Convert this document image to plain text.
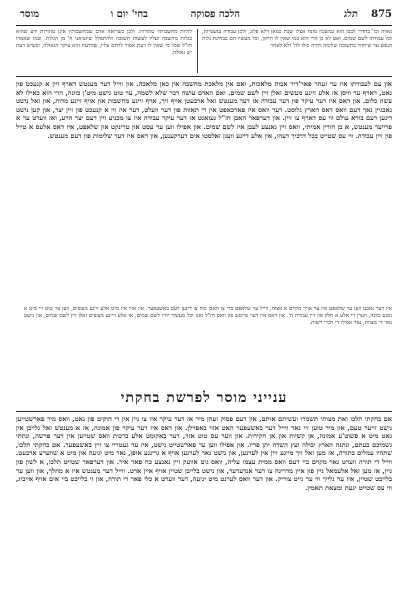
875
תלג
הלכה פסוקה
בחי' יום ו
מוסר
להיות מחשבותיו טהורות. ולכן כשרואה אדם שמחשבותיו אינן טהורות ידע שהוא בגלות מחשבה ועליו לעשות תשובה ולהתפלל שיוציאנו ה' מן הגלות. וכמו שאמרו חז"ל שכל מי שאין לו דעת אסור לרחם עליו, שהדעת הוא עיקר הגאולה, וכשיש דעת יש גאולה.
גאווה וכו' בחדרי לבבו הוא כמשכון מונח אצלו שבת כמאן דלא פלוג, ולכן עבודה בגשמיות, וכל עבודתו לשם שמים. ואם לא כן הרי הוא כמי שאין לו תיקון, וכל מעשיו הם בבחינת גלות הנפש עד שיחזור בתשובה שלימה ויהיה כולו לה' ולא לאחר
און עם לעבודתו איז ער זעהר פאר'דיר אבות מלאכות, ואם אין מלאכת מחשבה אין כאן מלאכה. און ווייל דער מענטש דארף זיין א קנעכט פון גאט, דארף ער וויסן אז אלע זיינע מעשים זאלן זיין לשם שמים. ואם האדם עושה דבר שלא לשמה, ער טוט נישט מיט'ן כוונה, הרי הוא כאילו לא עשה כלום. און דאס איז דער עיקר פון דער עבודה אז דער מענטש זאל ארבעטן אויף זיך, אויף זיינע מחשבות און אויף זיינע מדות, און זאל נישט נאכגיין נאך דעם וואס דאס הארץ גלוסט. דער וואס איז פארכאפט אין די תאוות פון דער וועלט, דער איז ווי א קנעכט פון זיין יצר, און קען נישט דינען דעם בורא עולם ווי עס דארף צו זיין. און דערפאר האבן חז"ל געזאגט אז דער עיקר עבודה איז צו מכניע זיין דעם יצר הרע, ואז ווערט ער א פרייער מענטש, א בן חורין אמיתי, וואס זיין גאנצע לעבן איז לשם שמים. און אפילו ווען ער עסט און טרינקט און שלאפט, איז דאס אלעס א טייל פון זיין עבודה. ווי עס שטייט בכל דרכיך דעהו, אין אלע דיינע וועגן זאלסטו אים דערקענען, און דאס איז דער שלימות פון דעם מענטש.
אין דער נאכט ווען ער שלאפט איז ער אויך מקיים א מצוה, ווייל ער שלאפט כדי צו האבן כוח צו דינען דעם באשעפער. און אזוי איז מיט אלע זיינע מעשים, ווען ער טוט זיי מיט א גוטע כוונה, ווערן זיי אלע א חלק פון זיין עבודת ה'. און דאס איז דער טייטש פון וואס חז"ל זאגן וכל מעשיך יהיו לשם שמים, אז אלע דיינע מעשים זאלן זיין לשם שמים, און נישט נאר די מצוות, נאר אפילו די דברי רשות.
ענייני מוסר לפרשת בחקתי
אם בחקתי תלכו ואת מצותי תשמרו ועשיתם אותם, אין דעם פסוק זעהן מיר אז דער עיקר איז צו גיין אין די חוקים פון גאט, וואס מיר פארשטייען נישט זייער טעם, און מיר טוען זיי נאר ווייל דער באשעפער האט אזוי באפוילן. און דאס איז דער עיקר פון אמונה, אז א מענטש זאל גלייבן אין גאט מיט א פשוט'ע אמונה, אן קשיות און אן חקירות. און ווער עס טוט אזוי, דער באקומט אלע ברכות וואס שטייען אין דער פרשה, ונתתי גשמיכם בעתם, ונתנה הארץ יבולה ועץ השדה יתן פריו. און אפילו ווען ער פארשטייט נישט, איז ער געטריי צו זיין באשעפער. אם בחקתי תלכו, שתהיו עמלים בתורה, אז מען זאל זיך מייגע זיין אין לערנען, און נישט נאר לערנען אויף א גרינגע אופן, נאר מיט יגיעה און מיט א שווערע ארבעט. ווייל די תורה ווערט נאר מקוים ביי דעם וואס ממית עצמו עליה, וואס גיט אוועק זיין גאנצע כח פאר איר. און דערפאר שטייט תלכו, א לשון פון גיין, אז מען זאל אלעמאל גיין פון איין מדריגה צו דער אנדערער, און נישט בלייבן שטיין אויף איין ארט. ווייל דער מענטש איז א מהלך, און ווען ער בלייבט שטיין, איז ער גלייך ווי ער גייט צוריק. און דער וואס לערנט מיט יגיעה, דער ווערט א כלי פאר די תורה, און זי בלייבט ביי אים אויף אייביג, ווי עס שטייט יגעת ומצאת תאמין.
